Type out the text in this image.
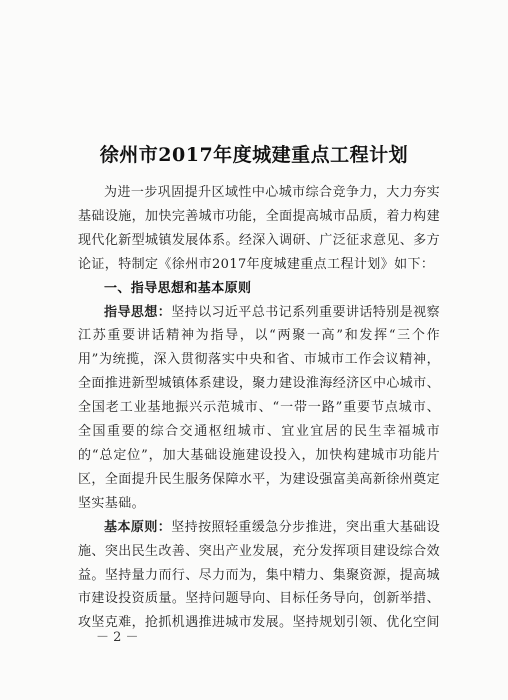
徐州市2017年度城建重点工程计划

为进一步巩固提升区域性中心城市综合竞争力，大力夯实基础设施，加快完善城市功能，全面提高城市品质，着力构建现代化新型城镇发展体系。经深入调研、广泛征求意见、多方论证，特制定《徐州市2017年度城建重点工程计划》如下：

一、指导思想和基本原则

指导思想：坚持以习近平总书记系列重要讲话特别是视察江苏重要讲话精神为指导，以“两聚一高”和发挥“三个作用”为统揽，深入贯彻落实中央和省、市城市工作会议精神，全面推进新型城镇体系建设，聚力建设淮海经济区中心城市、全国老工业基地振兴示范城市、“一带一路”重要节点城市、全国重要的综合交通枢纽城市、宜业宜居的民生幸福城市的“总定位”，加大基础设施建设投入，加快构建城市功能片区，全面提升民生服务保障水平，为建设强富美高新徐州奠定坚实基础。

基本原则：坚持按照轻重缓急分步推进，突出重大基础设施、突出民生改善、突出产业发展，充分发挥项目建设综合效益。坚持量力而行、尽力而为，集中精力、集聚资源，提高城市建设投资质量。坚持问题导向、目标任务导向，创新举措、攻坚克难，抢抓机遇推进城市发展。坚持规划引领、优化空间

－ 2 －
